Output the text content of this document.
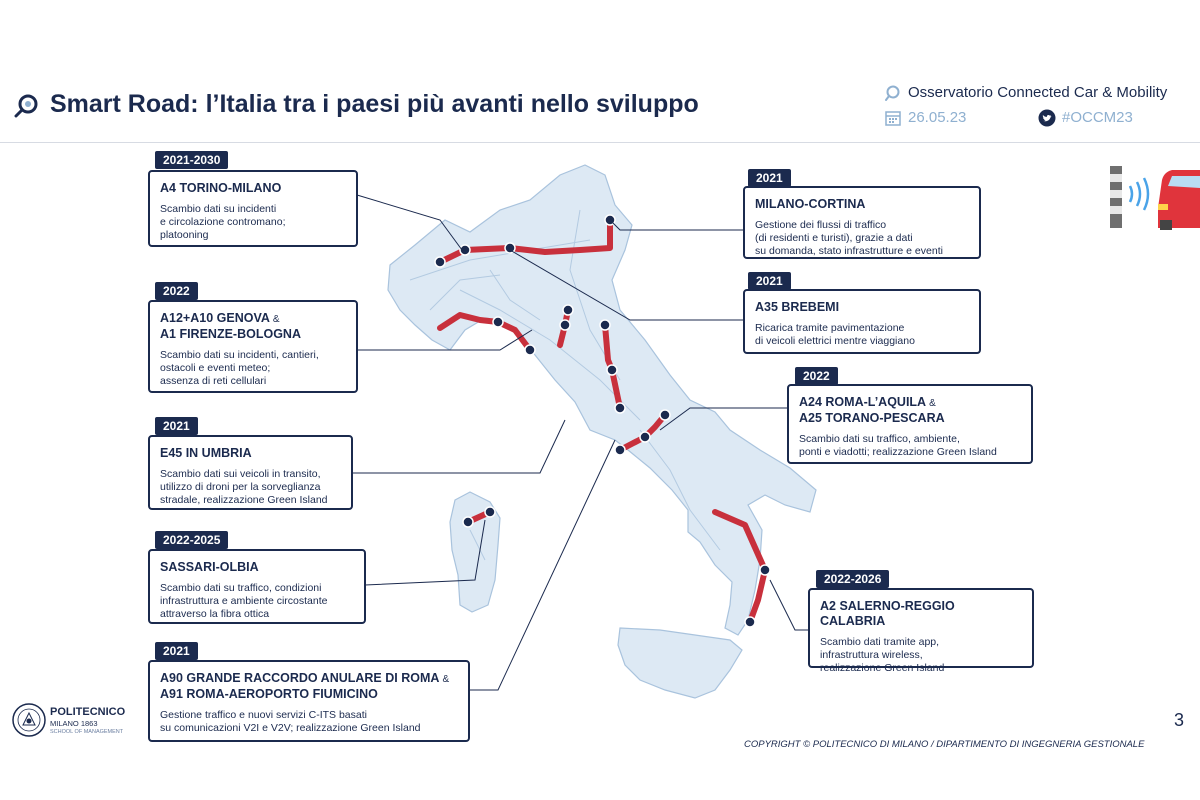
Smart Road: l’Italia tra i paesi più avanti nello sviluppo	Osservatorio Connected Car & Mobility
26.05.23	#OCCM23
A4 TORINO-MILANO
Scambio dati su incidenti
e circolazione contromano;
platooning
2021-2030
A12+A10 GENOVA &
A1 FIRENZE-BOLOGNA
Scambio dati su incidenti, cantieri,
ostacoli e eventi meteo;
assenza di reti cellulari
2022
E45 IN UMBRIA
Scambio dati sui veicoli in transito,
utilizzo di droni per la sorveglianza
stradale, realizzazione Green Island
2021
SASSARI-OLBIA
Scambio dati su traffico, condizioni
infrastruttura e ambiente circostante
attraverso la fibra ottica
2022-2025
A90 GRANDE RACCORDO ANULARE DI ROMA &
A91 ROMA-AEROPORTO FIUMICINO
Gestione traffico e nuovi servizi C-ITS basati
su comunicazioni V2I e V2V; realizzazione Green Island
2021
MILANO-CORTINA
Gestione dei flussi di traffico
(di residenti e turisti), grazie a dati
su domanda, stato infrastrutture e eventi
2021
A35 BREBEMI
Ricarica tramite pavimentazione
di veicoli elettrici mentre viaggiano
2021
A24 ROMA-L’AQUILA &
A25 TORANO-PESCARA
Scambio dati su traffico, ambiente,
ponti e viadotti; realizzazione Green Island
2022
A2 SALERNO-REGGIO CALABRIA
Scambio dati tramite app,
infrastruttura wireless,
realizzazione Green Island
2022-2026
POLITECNICO
MILANO 1863
SCHOOL OF MANAGEMENT
COPYRIGHT © POLITECNICO DI MILANO / DIPARTIMENTO DI INGEGNERIA GESTIONALE
3
